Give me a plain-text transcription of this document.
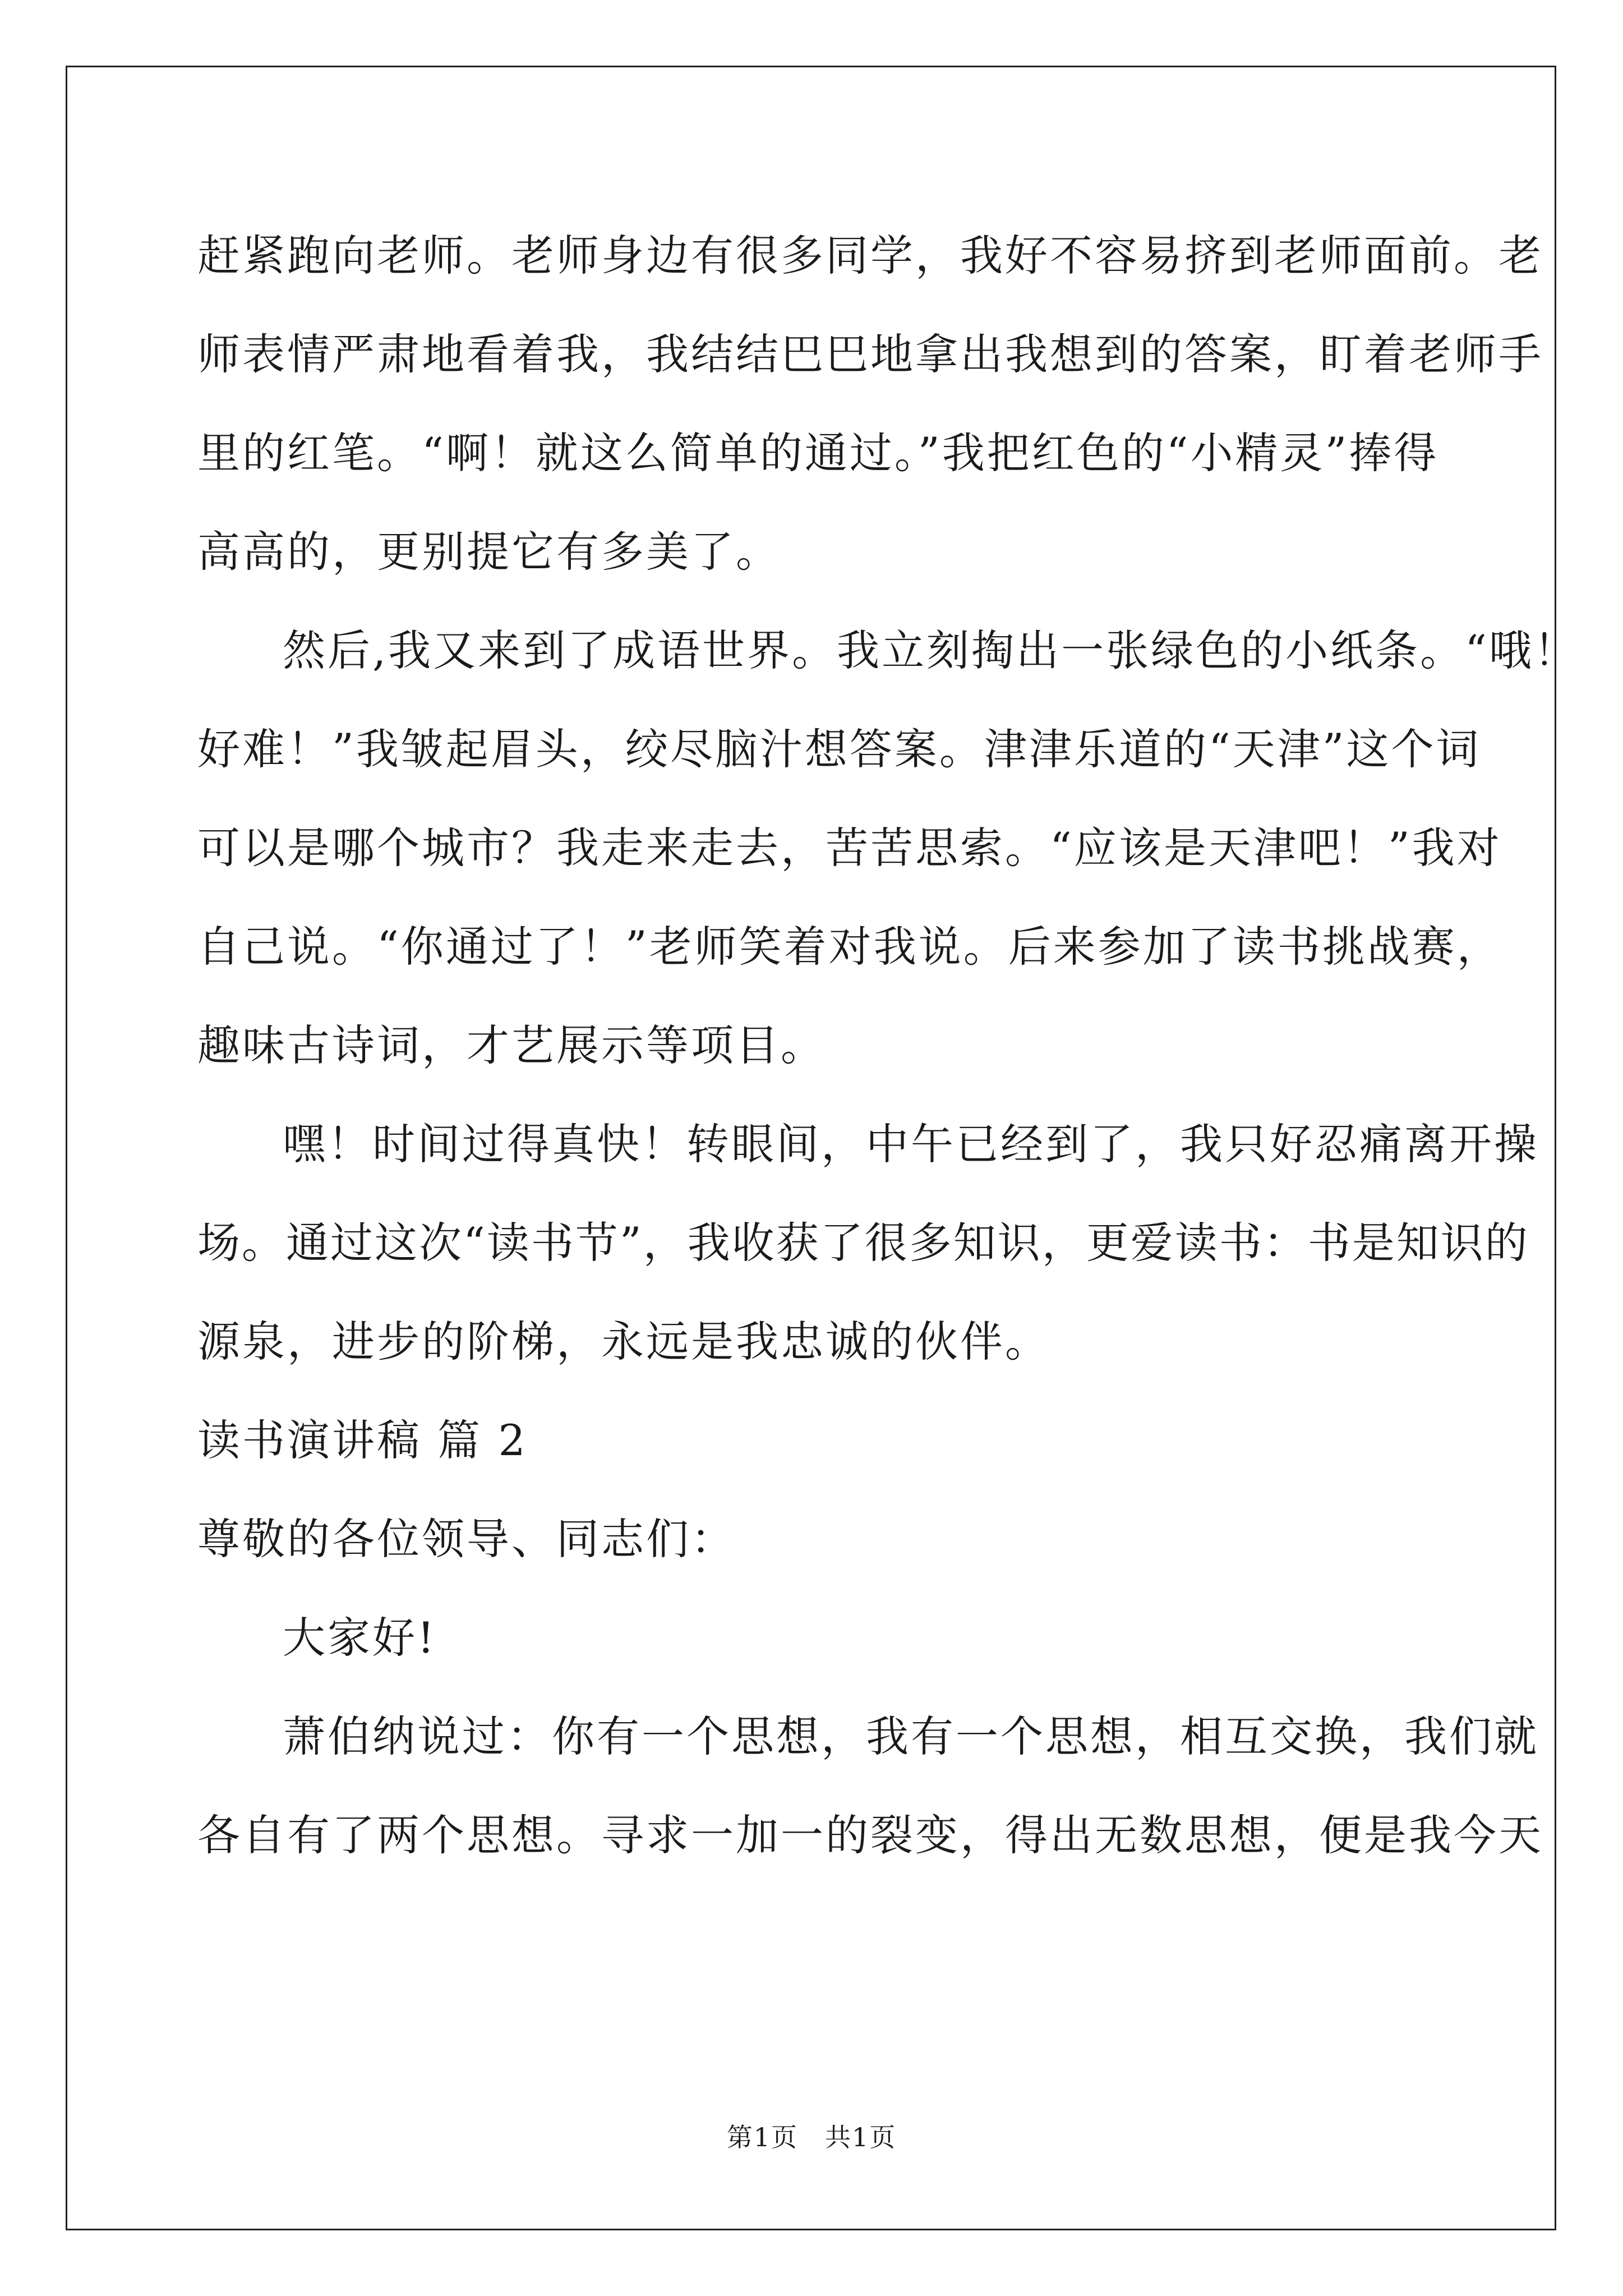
赶紧跑向老师。老师身边有很多同学，我好不容易挤到老师面前。老
师表情严肃地看着我，我结结巴巴地拿出我想到的答案，盯着老师手
里的红笔。“啊！就这么简单的通过。”我把红色的“小精灵”捧得
高高的，更别提它有多美了。
然后,我又来到了成语世界。我立刻掏出一张绿色的小纸条。“哦！
好难！”我皱起眉头，绞尽脑汁想答案。津津乐道的“天津”这个词
可以是哪个城市？我走来走去，苦苦思索。“应该是天津吧！”我对
自己说。“你通过了！”老师笑着对我说。后来参加了读书挑战赛，
趣味古诗词，才艺展示等项目。
嘿！时间过得真快！转眼间，中午已经到了，我只好忍痛离开操
场。通过这次“读书节”，我收获了很多知识，更爱读书：书是知识的
源泉，进步的阶梯，永远是我忠诚的伙伴。
读书演讲稿 篇 2
尊敬的各位领导、同志们：
大家好!
萧伯纳说过：你有一个思想，我有一个思想，相互交换，我们就
各自有了两个思想。寻求一加一的裂变，得出无数思想，便是我今天
第1页　共1页
